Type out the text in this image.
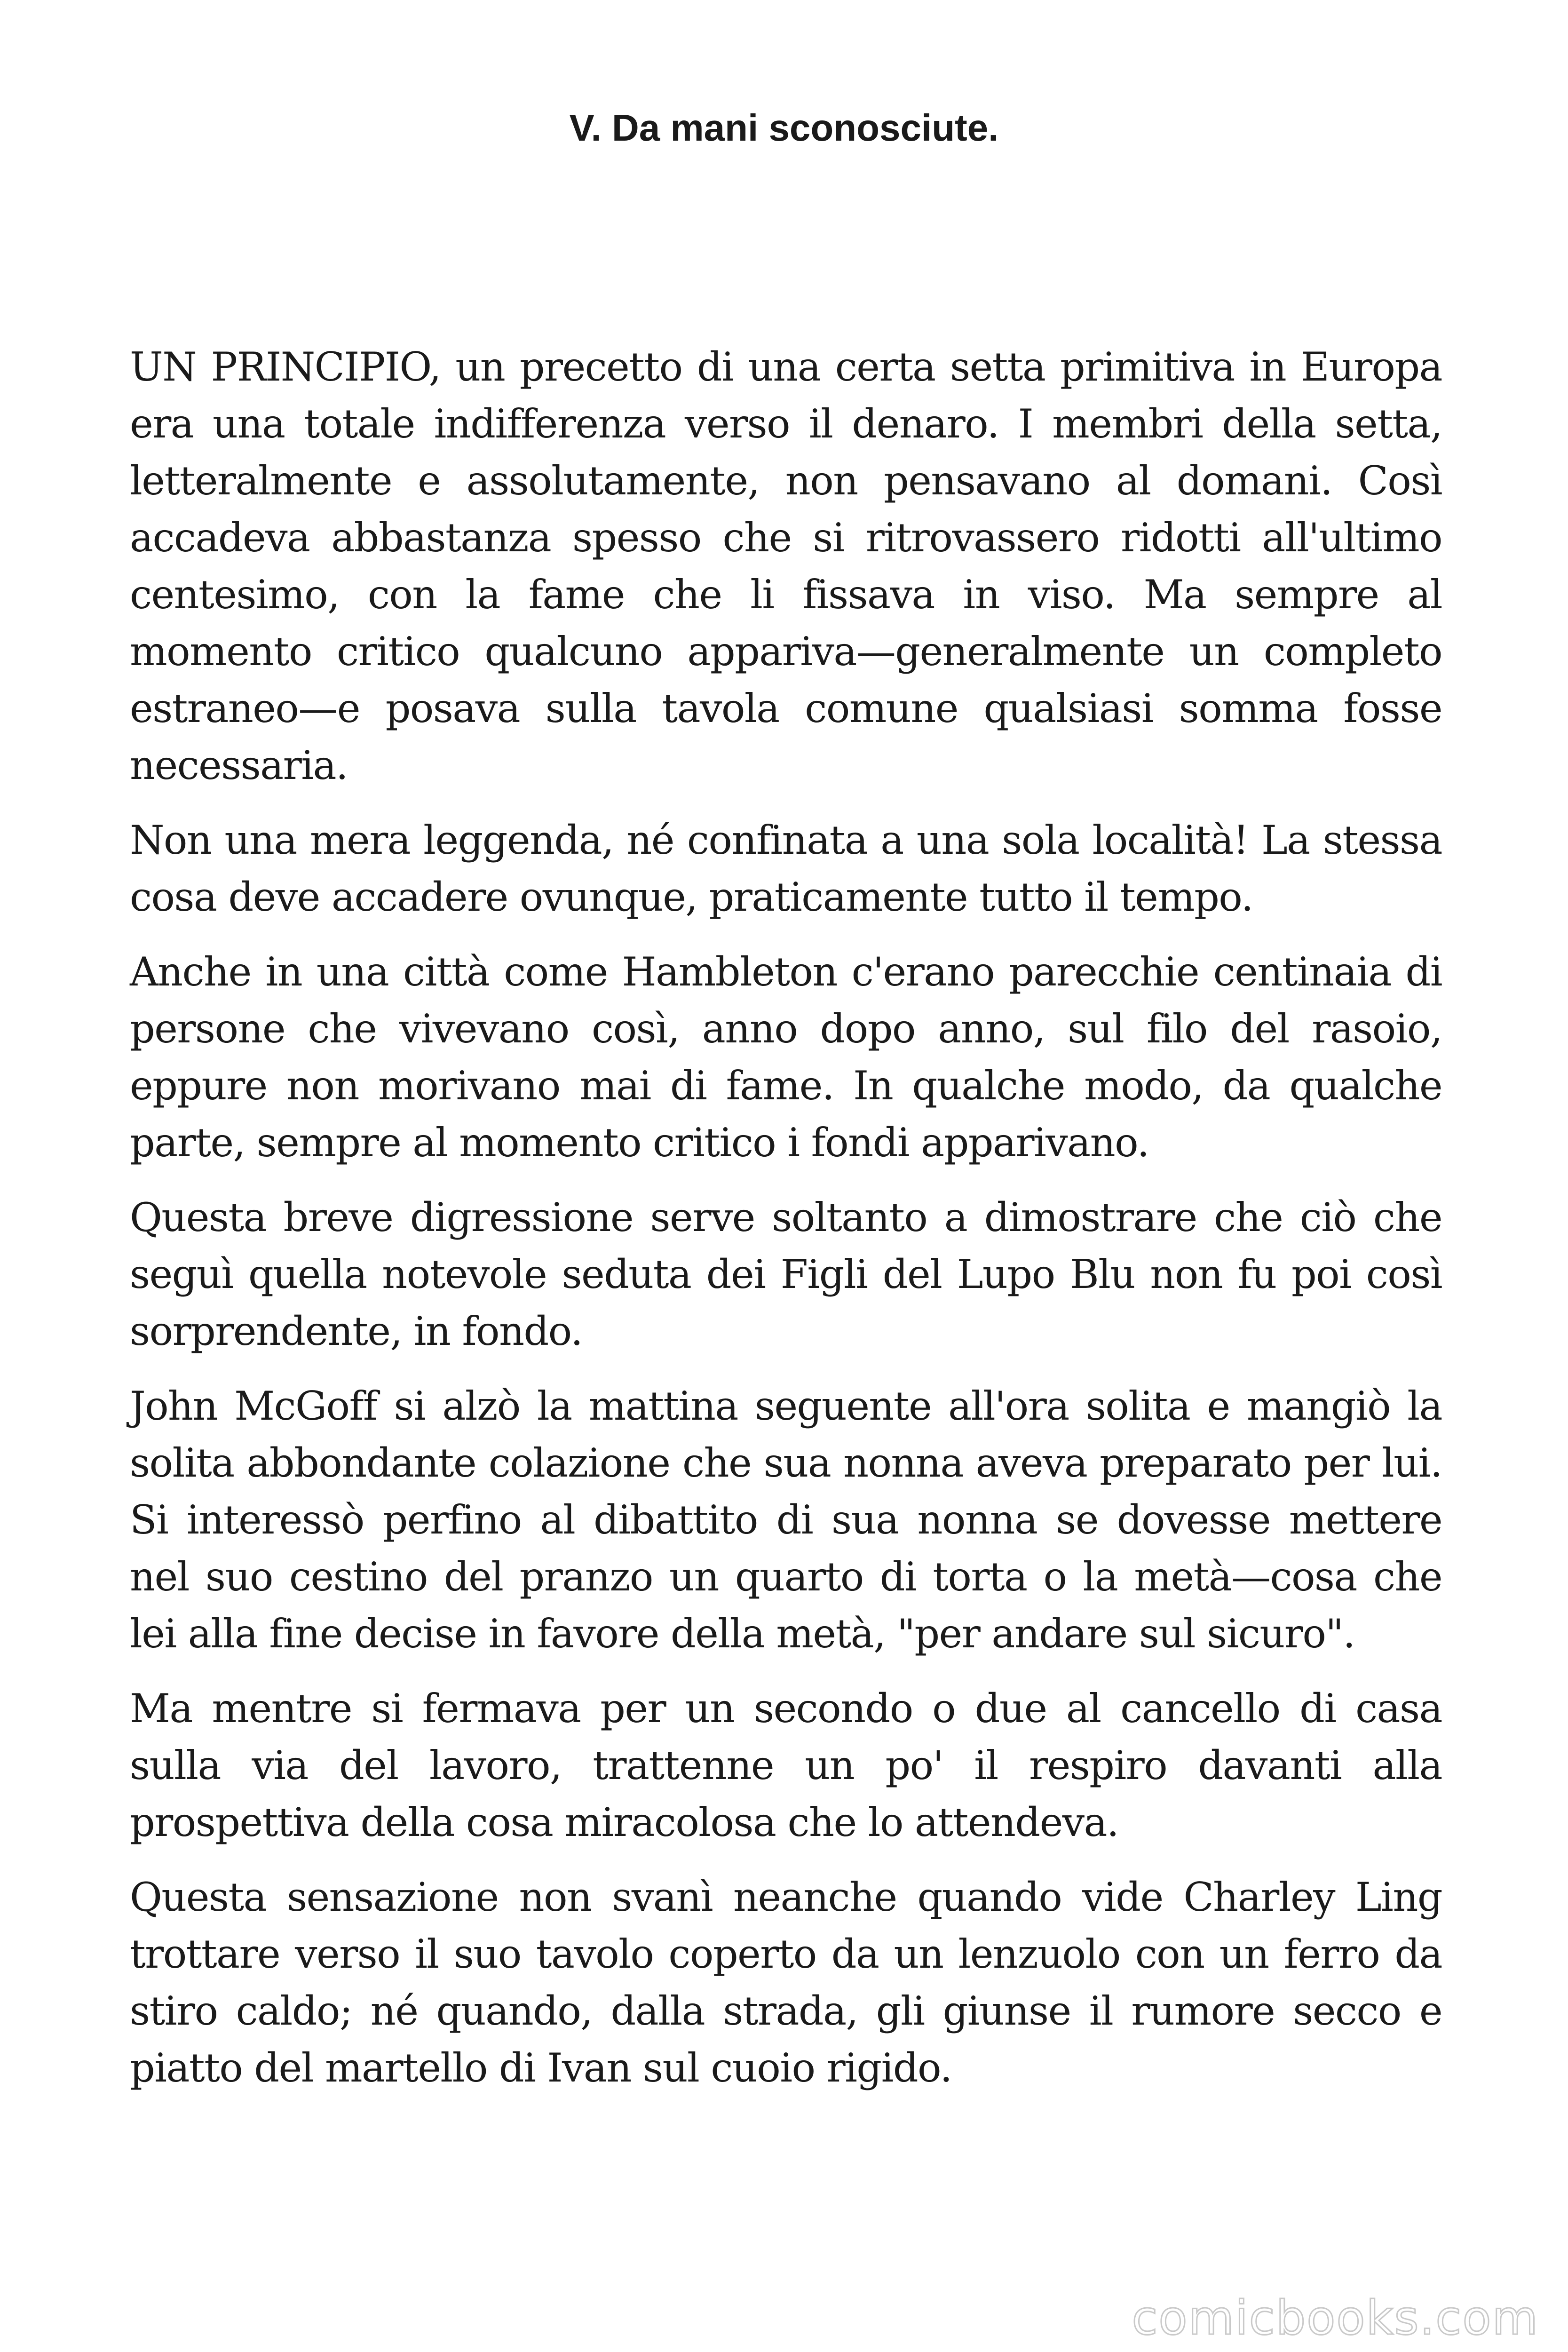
V. Da mani sconosciute.

UN PRINCIPIO, un precetto di una certa setta primitiva in Europa era una totale indifferenza verso il denaro. I membri della setta, letteralmente e assolutamente, non pensavano al domani. Così accadeva abbastanza spesso che si ritrovassero ridotti all'ultimo centesimo, con la fame che li fissava in viso. Ma sempre al momento critico qualcuno appariva—generalmente un completo estraneo—e posava sulla tavola comune qualsiasi somma fosse necessaria.

Non una mera leggenda, né confinata a una sola località! La stessa cosa deve accadere ovunque, praticamente tutto il tempo.

Anche in una città come Hambleton c'erano parecchie centinaia di persone che vivevano così, anno dopo anno, sul filo del rasoio, eppure non morivano mai di fame. In qualche modo, da qualche parte, sempre al momento critico i fondi apparivano.

Questa breve digressione serve soltanto a dimostrare che ciò che seguì quella notevole seduta dei Figli del Lupo Blu non fu poi così sorprendente, in fondo.

John McGoff si alzò la mattina seguente all'ora solita e mangiò la solita abbondante colazione che sua nonna aveva preparato per lui. Si interessò perfino al dibattito di sua nonna se dovesse mettere nel suo cestino del pranzo un quarto di torta o la metà—cosa che lei alla fine decise in favore della metà, "per andare sul sicuro".

Ma mentre si fermava per un secondo o due al cancello di casa sulla via del lavoro, trattenne un po' il respiro davanti alla prospettiva della cosa miracolosa che lo attendeva.

Questa sensazione non svanì neanche quando vide Charley Ling trottare verso il suo tavolo coperto da un lenzuolo con un ferro da stiro caldo; né quando, dalla strada, gli giunse il rumore secco e piatto del martello di Ivan sul cuoio rigido.

comicbooks.com
